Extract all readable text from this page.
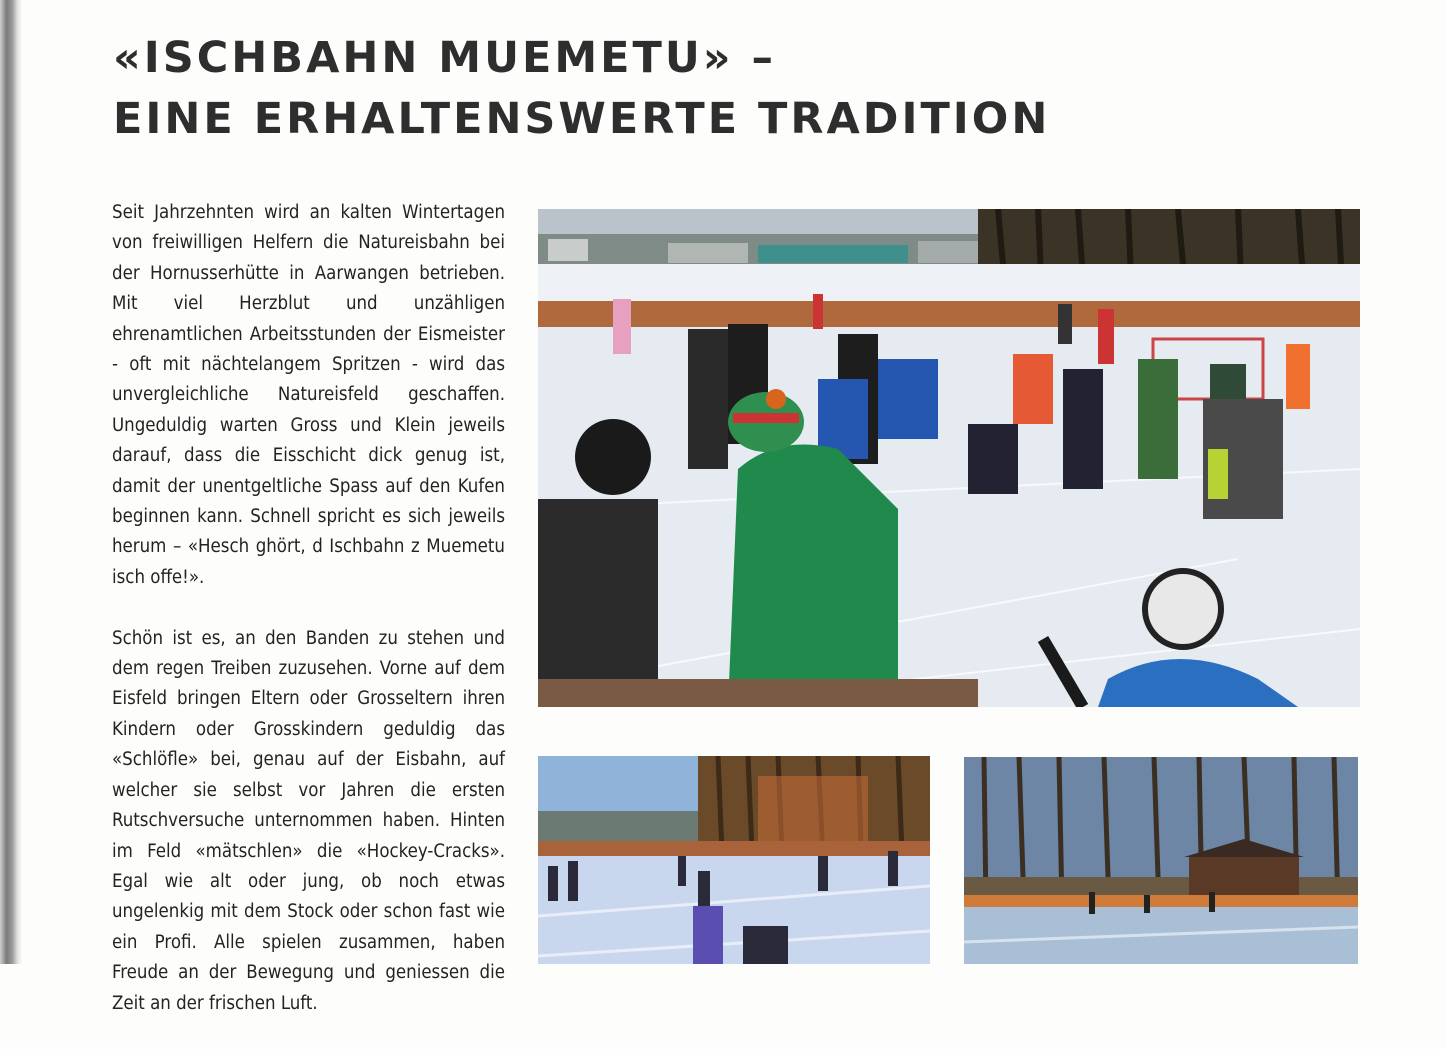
«ISCHBAHN MUEMETU» –
EINE ERHALTENSWERTE TRADITION

Seit Jahrzehnten wird an kalten Wintertagen von freiwilligen Helfern die Natureisbahn bei der Hornusserhütte in Aarwangen betrieben. Mit viel Herzblut und unzähligen ehrenamtlichen Arbeitsstunden der Eismeister - oft mit nächtelangem Spritzen - wird das unvergleichliche Natureisfeld geschaffen. Ungeduldig warten Gross und Klein jeweils darauf, dass die Eisschicht dick genug ist, damit der unentgeltliche Spass auf den Kufen beginnen kann. Schnell spricht es sich jeweils herum – «Hesch ghört, d Ischbahn z Muemetu isch offe!».

Schön ist es, an den Banden zu stehen und dem regen Treiben zuzusehen. Vorne auf dem Eisfeld bringen Eltern oder Grosseltern ihren Kindern oder Grosskindern geduldig das «Schlöfle» bei, genau auf der Eisbahn, auf welcher sie selbst vor Jahren die ersten Rutschversuche unternommen haben. Hinten im Feld «mätschlen» die «Hockey-Cracks». Egal wie alt oder jung, ob noch etwas ungelenkig mit dem Stock oder schon fast wie ein Profi. Alle spielen zusammen, haben Freude an der Bewegung und geniessen die Zeit an der frischen Luft.
